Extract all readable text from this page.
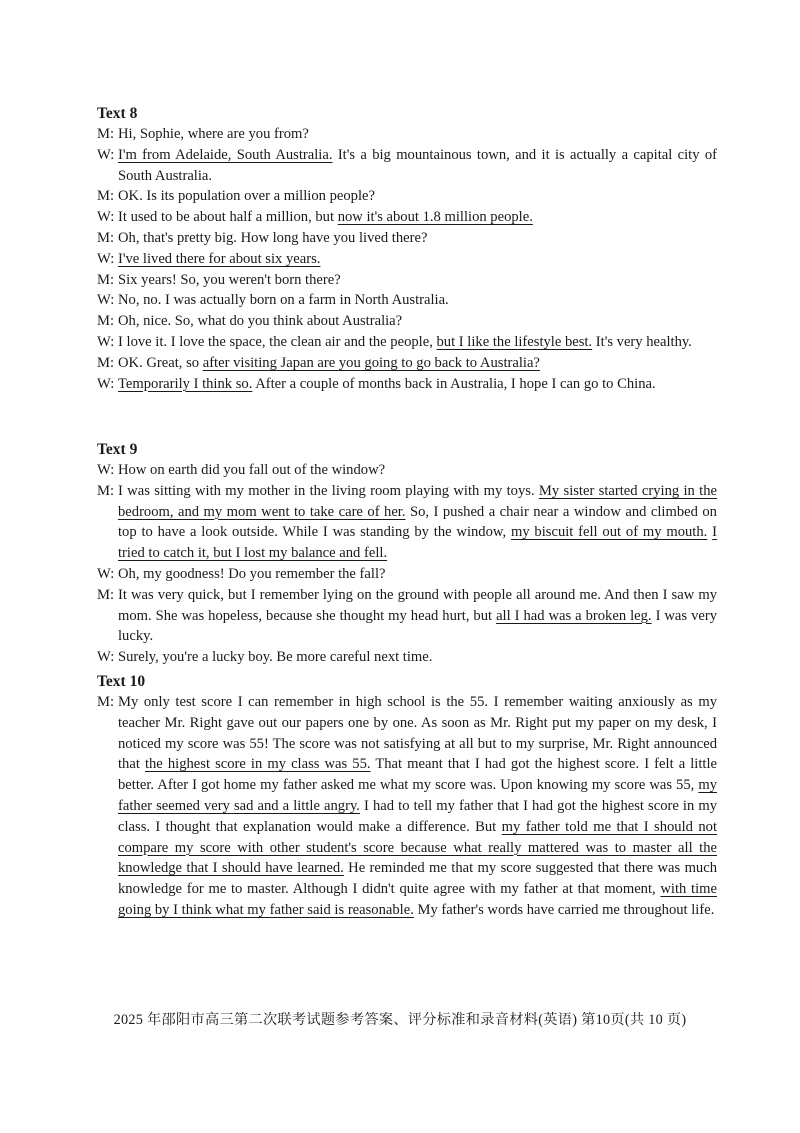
Text 8
M: Hi, Sophie, where are you from?
W: I'm from Adelaide, South Australia. It's a big mountainous town, and it is actually a capital city of South Australia.
M: OK. Is its population over a million people?
W: It used to be about half a million, but now it's about 1.8 million people.
M: Oh, that's pretty big. How long have you lived there?
W: I've lived there for about six years.
M: Six years! So, you weren't born there?
W: No, no. I was actually born on a farm in North Australia.
M: Oh, nice. So, what do you think about Australia?
W: I love it. I love the space, the clean air and the people, but I like the lifestyle best. It's very healthy.
M: OK. Great, so after visiting Japan are you going to go back to Australia?
W: Temporarily I think so. After a couple of months back in Australia, I hope I can go to China.
Text 9
W: How on earth did you fall out of the window?
M: I was sitting with my mother in the living room playing with my toys. My sister started crying in the bedroom, and my mom went to take care of her. So, I pushed a chair near a window and climbed on top to have a look outside. While I was standing by the window, my biscuit fell out of my mouth. I tried to catch it, but I lost my balance and fell.
W: Oh, my goodness! Do you remember the fall?
M: It was very quick, but I remember lying on the ground with people all around me. And then I saw my mom. She was hopeless, because she thought my head hurt, but all I had was a broken leg. I was very lucky.
W: Surely, you're a lucky boy. Be more careful next time.
Text 10
M: My only test score I can remember in high school is the 55. I remember waiting anxiously as my teacher Mr. Right gave out our papers one by one. As soon as Mr. Right put my paper on my desk, I noticed my score was 55! The score was not satisfying at all but to my surprise, Mr. Right announced that the highest score in my class was 55. That meant that I had got the highest score. I felt a little better. After I got home my father asked me what my score was. Upon knowing my score was 55, my father seemed very sad and a little angry. I had to tell my father that I had got the highest score in my class. I thought that explanation would make a difference. But my father told me that I should not compare my score with other student's score because what really mattered was to master all the knowledge that I should have learned. He reminded me that my score suggested that there was much knowledge for me to master. Although I didn't quite agree with my father at that moment, with time going by I think what my father said is reasonable. My father's words have carried me throughout life.
2025 年邵阳市高三第二次联考试题参考答案、评分标准和录音材料(英语) 第10页(共 10 页)
